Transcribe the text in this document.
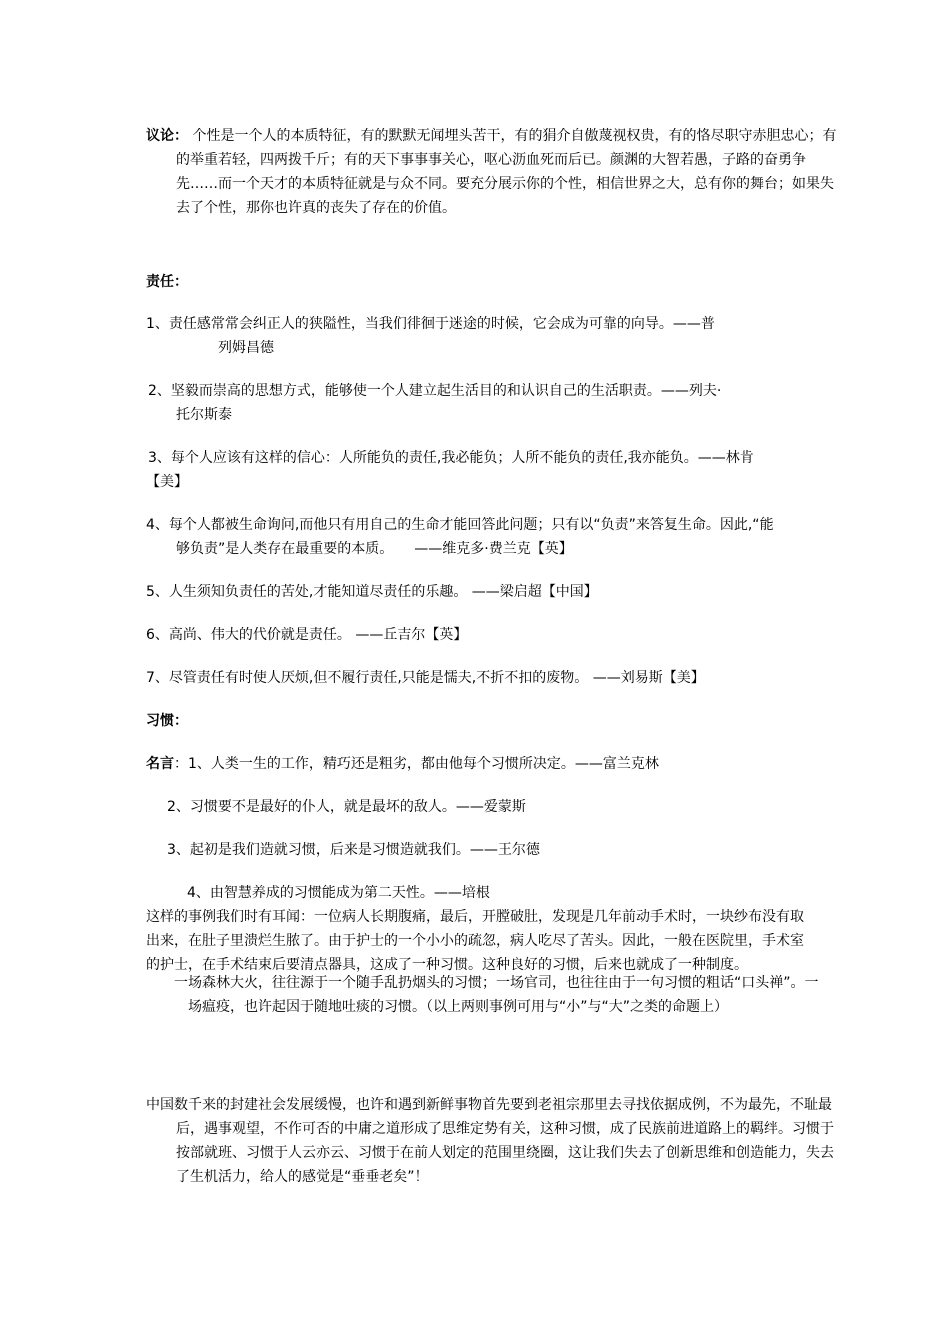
议论： 个性是一个人的本质特征，有的默默无闻埋头苦干，有的狷介自傲蔑视权贵，有的恪尽职守赤胆忠心；有的举重若轻，四两拨千斤；有的天下事事事关心，呕心沥血死而后已。颜渊的大智若愚，子路的奋勇争先……而一个天才的本质特征就是与众不同。要充分展示你的个性，相信世界之大，总有你的舞台；如果失去了个性，那你也许真的丧失了存在的价值。
责任：
1、责任感常常会纠正人的狭隘性，当我们徘徊于迷途的时候，它会成为可靠的向导。——普
列姆昌德
2、坚毅而崇高的思想方式，能够使一个人建立起生活目的和认识自己的生活职责。——列夫·
托尔斯泰
3、每个人应该有这样的信心：人所能负的责任,我必能负；人所不能负的责任,我亦能负。——林肯
【美】
4、每个人都被生命询问,而他只有用自己的生命才能回答此问题；只有以“负责”来答复生命。因此,“能
够负责”是人类存在最重要的本质。　　——维克多·费兰克【英】
5、人生须知负责任的苦处,才能知道尽责任的乐趣。 ——梁启超【中国】
6、高尚、伟大的代价就是责任。 ——丘吉尔【英】
7、尽管责任有时使人厌烦,但不履行责任,只能是懦夫,不折不扣的废物。 ——刘易斯【美】
习惯：
名言：1、人类一生的工作，精巧还是粗劣，都由他每个习惯所决定。——富兰克林
2、习惯要不是最好的仆人，就是最坏的敌人。——爱蒙斯
3、起初是我们造就习惯，后来是习惯造就我们。——王尔德
4、由智慧养成的习惯能成为第二天性。——培根
这样的事例我们时有耳闻：一位病人长期腹痛，最后，开膛破肚，发现是几年前动手术时，一块纱布没有取出来，在肚子里溃烂生脓了。由于护士的一个小小的疏忽，病人吃尽了苦头。因此，一般在医院里，手术室的护士，在手术结束后要清点器具，这成了一种习惯。这种良好的习惯，后来也就成了一种制度。
一场森林大火，往往源于一个随手乱扔烟头的习惯；一场官司，也往往由于一句习惯的粗话“口头禅”。一场瘟疫，也许起因于随地吐痰的习惯。（以上两则事例可用与“小”与“大”之类的命题上）
中国数千来的封建社会发展缓慢，也许和遇到新鲜事物首先要到老祖宗那里去寻找依据成例，不为最先，不耻最后，遇事观望，不作可否的中庸之道形成了思维定势有关，这种习惯，成了民族前进道路上的羁绊。习惯于按部就班、习惯于人云亦云、习惯于在前人划定的范围里绕圈，这让我们失去了创新思维和创造能力，失去了生机活力，给人的感觉是“垂垂老矣”！
